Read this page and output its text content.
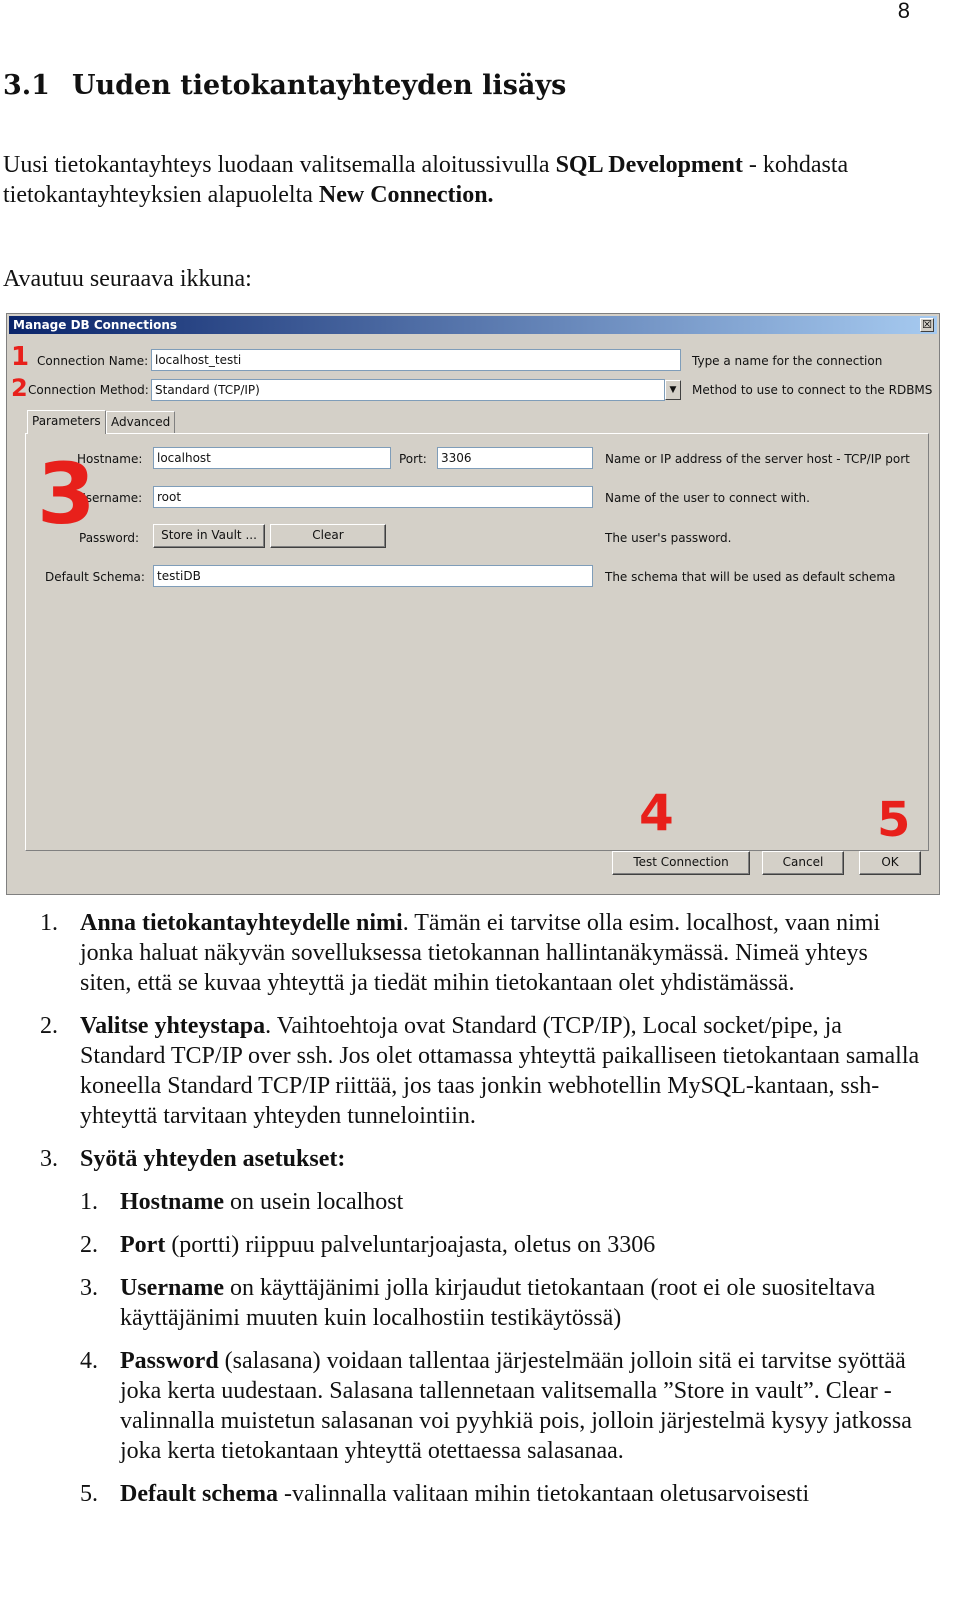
8
3.1 Uuden tietokantayhteyden lisäys
Uusi tietokantayhteys luodaan valitsemalla aloitussivulla SQL Development - kohdasta tietokantayhteyksien alapuolelta New Connection.
Avautuu seuraava ikkuna:
Manage DB Connections	☒
Connection Name: localhost_testi	Type a name for the connection
Connection Method: Standard (TCP/IP)	▼	Method to use to connect to the RDBMS
Parameters Advanced
Hostname:	localhost	Port:	3306	Name or IP address of the server host - TCP/IP port
Username:	root	Name of the user to connect with.
Password:	Store in Vault ...	Clear	The user's password.
Default Schema:	testiDB	The schema that will be used as default schema
Test Connection	Cancel	OK
1
2
3
4	5
1. Anna tietokantayhteydelle nimi. Tämän ei tarvitse olla esim. localhost, vaan nimi jonka haluat näkyvän sovelluksessa tietokannan hallintanäkymässä. Nimeä yhteys siten, että se kuvaa yhteyttä ja tiedät mihin tietokantaan olet yhdistämässä.
2. Valitse yhteystapa. Vaihtoehtoja ovat Standard (TCP/IP), Local socket/pipe, ja Standard TCP/IP over ssh. Jos olet ottamassa yhteyttä paikalliseen tietokantaan samalla koneella Standard TCP/IP riittää, jos taas jonkin webhotellin MySQL-kantaan, ssh-yhteyttä tarvitaan yhteyden tunnelointiin.
3. Syötä yhteyden asetukset:
1. Hostname on usein localhost
2. Port (portti) riippuu palveluntarjoajasta, oletus on 3306
3. Username on käyttäjänimi jolla kirjaudut tietokantaan (root ei ole suositeltava käyttäjänimi muuten kuin localhostiin testikäytössä)
4. Password (salasana) voidaan tallentaa järjestelmään jolloin sitä ei tarvitse syöttää joka kerta uudestaan. Salasana tallennetaan valitsemalla ”Store in vault”. Clear -valinnalla muistetun salasanan voi pyyhkiä pois, jolloin järjestelmä kysyy jatkossa joka kerta tietokantaan yhteyttä otettaessa salasanaa.
5. Default schema -valinnalla valitaan mihin tietokantaan oletusarvoisesti
